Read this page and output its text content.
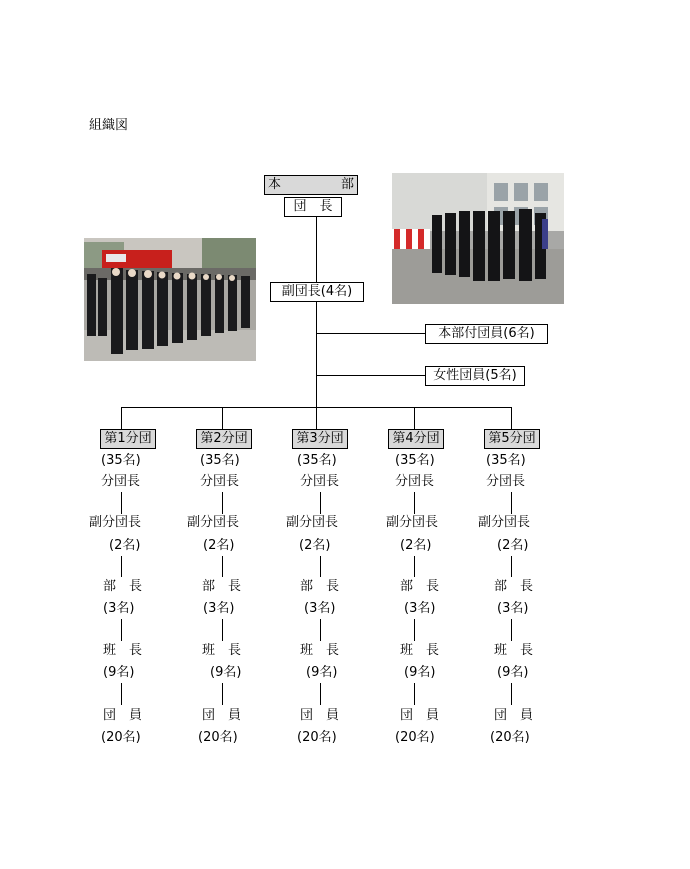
組織図
本	部
団　長
副団長(4名)
本部付団員(6名)
女性団員(5名)
第1分団
(35名)
分団長
副分団長
(2名)
部　長
(3名)
班　長
(9名)
団　員
(20名)
第2分団
(35名)
分団長
副分団長
(2名)
部　長
(3名)
班　長
(9名)
団　員
(20名)
第3分団
(35名)
分団長
副分団長
(2名)
部　長
(3名)
班　長
(9名)
団　員
(20名)
第4分団
(35名)
分団長
副分団長
(2名)
部　長
(3名)
班　長
(9名)
団　員
(20名)
第5分団
(35名)
分団長
副分団長
(2名)
部　長
(3名)
班　長
(9名)
団　員
(20名)
